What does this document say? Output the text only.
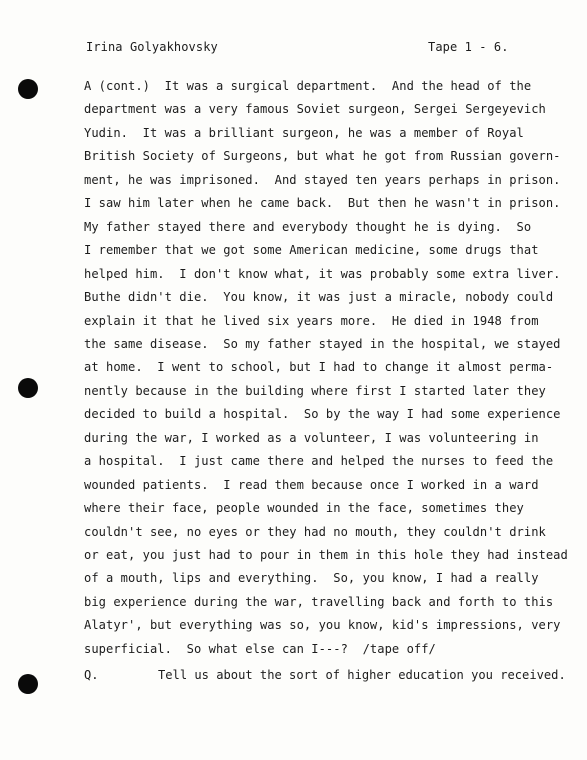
Irina Golyakhovsky	Tape 1 - 6.
A (cont.)  It was a surgical department.  And the head of the
department was a very famous Soviet surgeon, Sergei Sergeyevich
Yudin.  It was a brilliant surgeon, he was a member of Royal
British Society of Surgeons, but what he got from Russian govern-
ment, he was imprisoned.  And stayed ten years perhaps in prison.
I saw him later when he came back.  But then he wasn't in prison.
My father stayed there and everybody thought he is dying.  So
I remember that we got some American medicine, some drugs that
helped him.  I don't know what, it was probably some extra liver.
Buthe didn't die.  You know, it was just a miracle, nobody could
explain it that he lived six years more.  He died in 1948 from
the same disease.  So my father stayed in the hospital, we stayed
at home.  I went to school, but I had to change it almost perma-
nently because in the building where first I started later they
decided to build a hospital.  So by the way I had some experience
during the war, I worked as a volunteer, I was volunteering in
a hospital.  I just came there and helped the nurses to feed the
wounded patients.  I read them because once I worked in a ward
where their face, people wounded in the face, sometimes they
couldn't see, no eyes or they had no mouth, they couldn't drink
or eat, you just had to pour in them in this hole they had instead
of a mouth, lips and everything.  So, you know, I had a really
big experience during the war, travelling back and forth to this
Alatyr', but everything was so, you know, kid's impressions, very
superficial.  So what else can I---?  /tape off/
Q.	Tell us about the sort of higher education you received.
